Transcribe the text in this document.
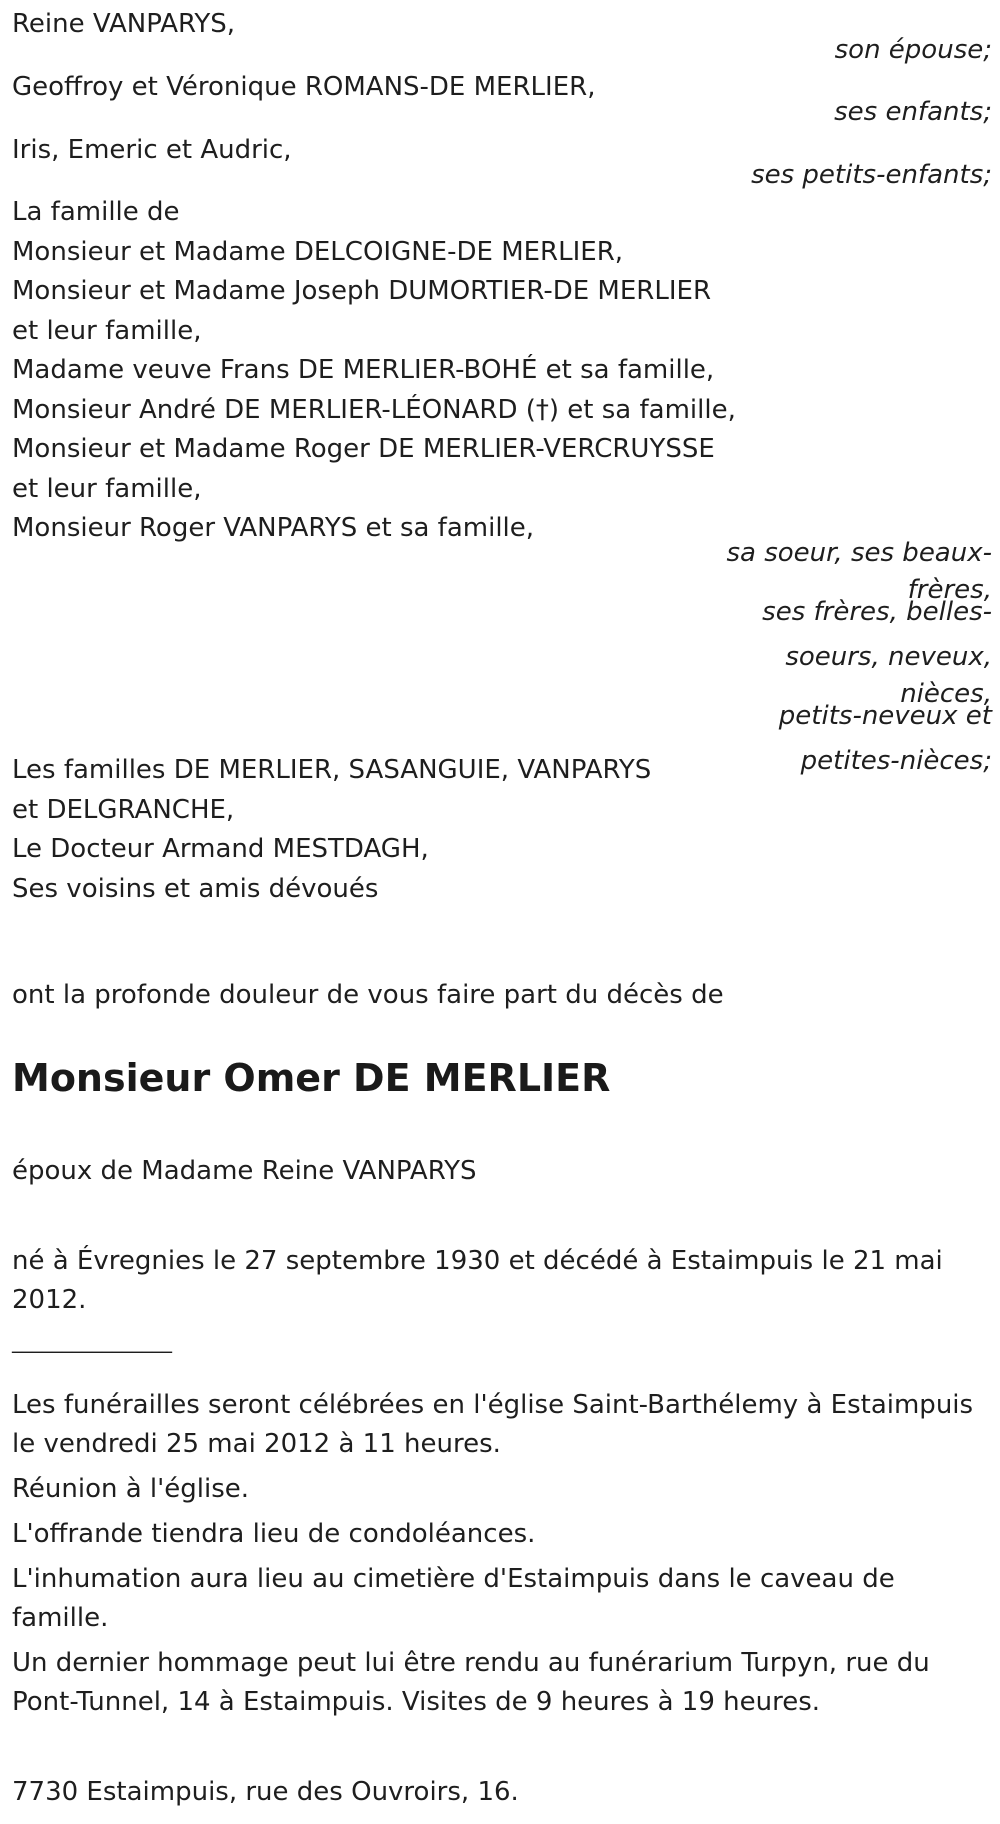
Reine VANPARYS,
son épouse;
Geoffroy et Véronique ROMANS-DE MERLIER,
ses enfants;
Iris, Emeric et Audric,
ses petits-enfants;
La famille de
Monsieur et Madame DELCOIGNE-DE MERLIER,
Monsieur et Madame Joseph DUMORTIER-DE MERLIER
et leur famille,
Madame veuve Frans DE MERLIER-BOHÉ et sa famille,
Monsieur André DE MERLIER-LÉONARD (†) et sa famille,
Monsieur et Madame Roger DE MERLIER-VERCRUYSSE
et leur famille,
Monsieur Roger VANPARYS et sa famille,
sa soeur, ses beaux-
frères,
ses frères, belles-
soeurs, neveux,
nièces,
petits-neveux et
petites-nièces;
Les familles DE MERLIER, SASANGUIE, VANPARYS
et DELGRANCHE,
Le Docteur Armand MESTDAGH,
Ses voisins et amis dévoués
ont la profonde douleur de vous faire part du décès de
Monsieur Omer DE MERLIER
époux de Madame Reine VANPARYS
né à Évregnies le 27 septembre 1930 et décédé à Estaimpuis le 21 mai 2012.
________________
Les funérailles seront célébrées en l'église Saint-Barthélemy à Estaimpuis le vendredi 25 mai 2012 à 11 heures.
Réunion à l'église.
L'offrande tiendra lieu de condoléances.
L'inhumation aura lieu au cimetière d'Estaimpuis dans le caveau de famille.
Un dernier hommage peut lui être rendu au funérarium Turpyn, rue du Pont-Tunnel, 14 à Estaimpuis. Visites de 9 heures à 19 heures.
7730 Estaimpuis, rue des Ouvroirs, 16.
